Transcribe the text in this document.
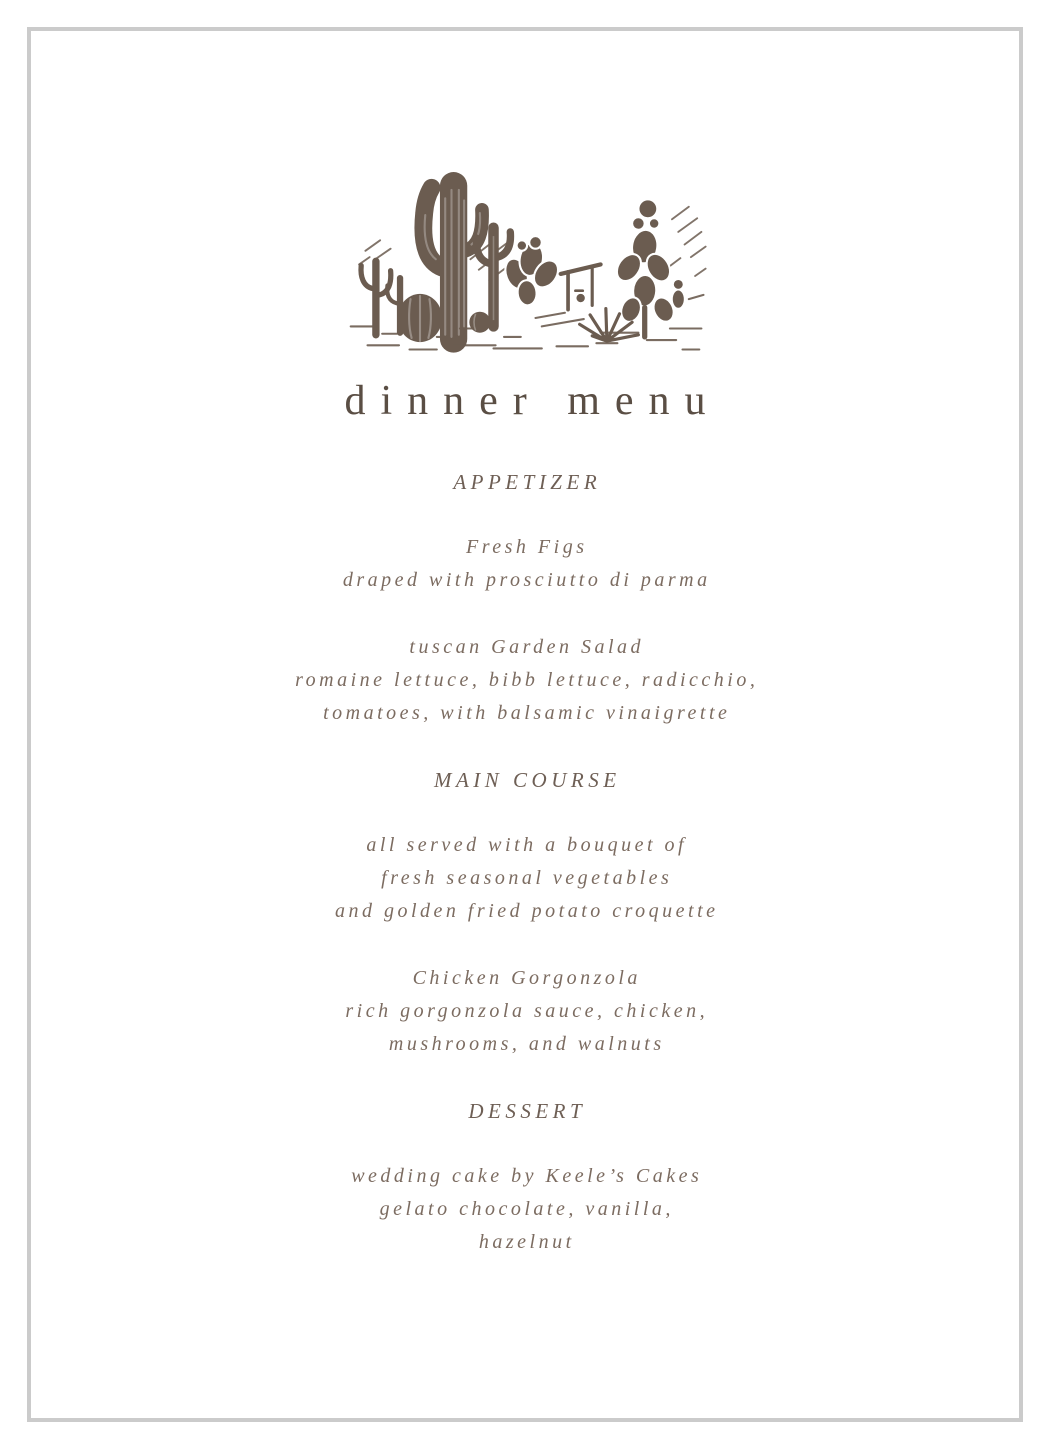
dinner menu
APPETIZER

Fresh Figs

draped with prosciutto di parma

tuscan Garden Salad

romaine lettuce, bibb lettuce, radicchio,

tomatoes, with balsamic vinaigrette

MAIN COURSE

all served with a bouquet of

fresh seasonal vegetables

and golden fried potato croquette

Chicken Gorgonzola

rich gorgonzola sauce, chicken,

mushrooms, and walnuts

DESSERT

wedding cake by Keele’s Cakes

gelato chocolate, vanilla,

hazelnut
